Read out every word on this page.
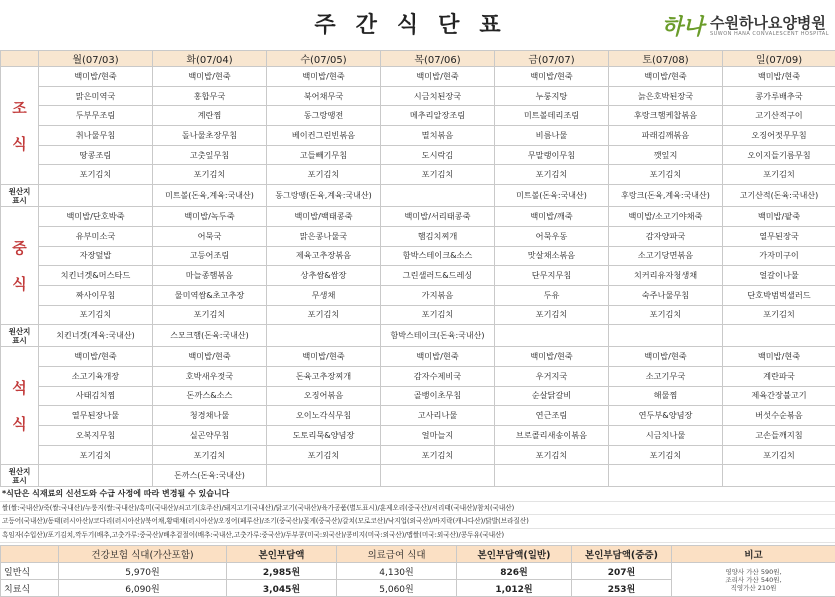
주간식단표	하나 수원하나요양병원
SUWON HANA CONVALESCENT HOSPITAL
	월(07/03)	화(07/04)	수(07/05)	목(07/06)	금(07/07)	토(07/08)	일(07/09)

조
식	백미밥/현죽	백미밥/현죽	백미밥/현죽	백미밥/현죽	백미밥/현죽	백미밥/현죽	백미밥/현죽
	맑은미역국	홍합무국	북어채무국	시금치된장국	누룽지탕	늙은호박된장국	콩가루배추국
	두부무조림	계란찜	동그랑땡전	메추리알장조림	미트볼데리조림	후랑크햄케찹볶음	고기산적구이
	취나물무침	돌나물초장무침	베이컨그린빈볶음	멸치볶음	비름나물	파래김깨볶음	오징어젓무무침
	땅콩조림	고춧잎무침	고들빼기무침	도시락김	무말랭이무침	깻잎지	오이지들기름무침
	포기김치	포기김치	포기김치	포기김치	포기김치	포기김치	포기김치

원산지
표시		미트볼(돈육,계육:국내산)	동그랑땡(돈육,계육:국내산)		미트볼(돈육:국내산)	후랑크(돈육,계육:국내산)	고기산적(돈육:국내산)

중
식	백미밥/단호박죽	백미밥/녹두죽	백미밥/백태콩죽	백미밥/서리태콩죽	백미밥/깨죽	백미밥/소고기야채죽	백미밥/팥죽
	유부미소국	어묵국	맑은콩나물국	햄김치찌개	어묵우동	감자양파국	열무된장국
	자장덮밥	고등어조림	제육고추장볶음	함박스테이크&소스	맛살채소볶음	소고기당면볶음	가자미구이
	치킨너겟&머스타드	마늘종햄볶음	상추쌈&쌈장	그린샐러드&드레싱	단무지무침	치커리유자청생채	얼갈이나물
	짜사이무침	물미역쌈&초고추장	무생채	가지볶음	두유	숙주나물무침	단호박범벅샐러드
	포기김치	포기김치	포기김치	포기김치	포기김치	포기김치	포기김치

원산지
표시	치킨너겟(계육:국내산)	스모크햄(돈육:국내산)		함박스테이크(돈육:국내산)			

석
식	백미밥/현죽	백미밥/현죽	백미밥/현죽	백미밥/현죽	백미밥/현죽	백미밥/현죽	백미밥/현죽
	소고기육개장	호박새우젓국	돈육고추장찌개	감자수제비국	우거지국	소고기무국	계란파국
	사태김치찜	돈까스&소스	오징어볶음	골뱅이초무침	순살닭갈비	해물찜	제육간장불고기
	열무된장나물	청경채나물	오이노각식무침	고사리나물	연근조림	연두부&양념장	버섯수순볶음
	오복지무침	실곤약무침	도토리묵&양념장	얼마늘지	브로콜리새송이볶음	시금치나물	고손들깨지침
	포기김치	포기김치	포기김치	포기김치	포기김치	포기김치	포기김치

원산지
표시		돈까스(돈육:국내산)					
*식단은 식재료의 신선도와 수급 사정에 따라 변경될 수 있습니다
쌀(쌀:국내산)/죽(쌀:국내산)/누룽지(쌀:국내산)/흑미(국내산)/쇠고기(호주산)/돼지고기(국내산)/닭고기(국내산)/육가공품(별도표시)/훈제오리(중국산)/서리태(국내산)/참치(국내산)
고등어(국내산)/동태(러시아산)/코다리(러시아산)/북어채,황태채(러시아산)/오징어(페루산)/조기(중국산)/꽃게(중국산)/갈치(모로코산)/낙지업(외국산)/바지락(캐나다산)/닭발(브라질산)
흑임자(수입산)/포기김치,깍두기(배추,고춧가루:중국산)/배추겉절이(배추:국내산,고춧가루:중국산)/두부콩(미국:외국산)/콩비지(미국:외국산)/맵쌀(미국:외국산)/콩두유(국내산)
	건강보험 식대(가산포함)	본인부담액	의료급여 식대	본인부담액(일반)	본인부담액(중증)	비고
일반식	5,970원	2,985원	4,130원	826원	207원	영양사 가산 590원,
조리사 가산 540원,
직영가산 210원

치료식	6,090원	3,045원	5,060원	1,012원	253원	
